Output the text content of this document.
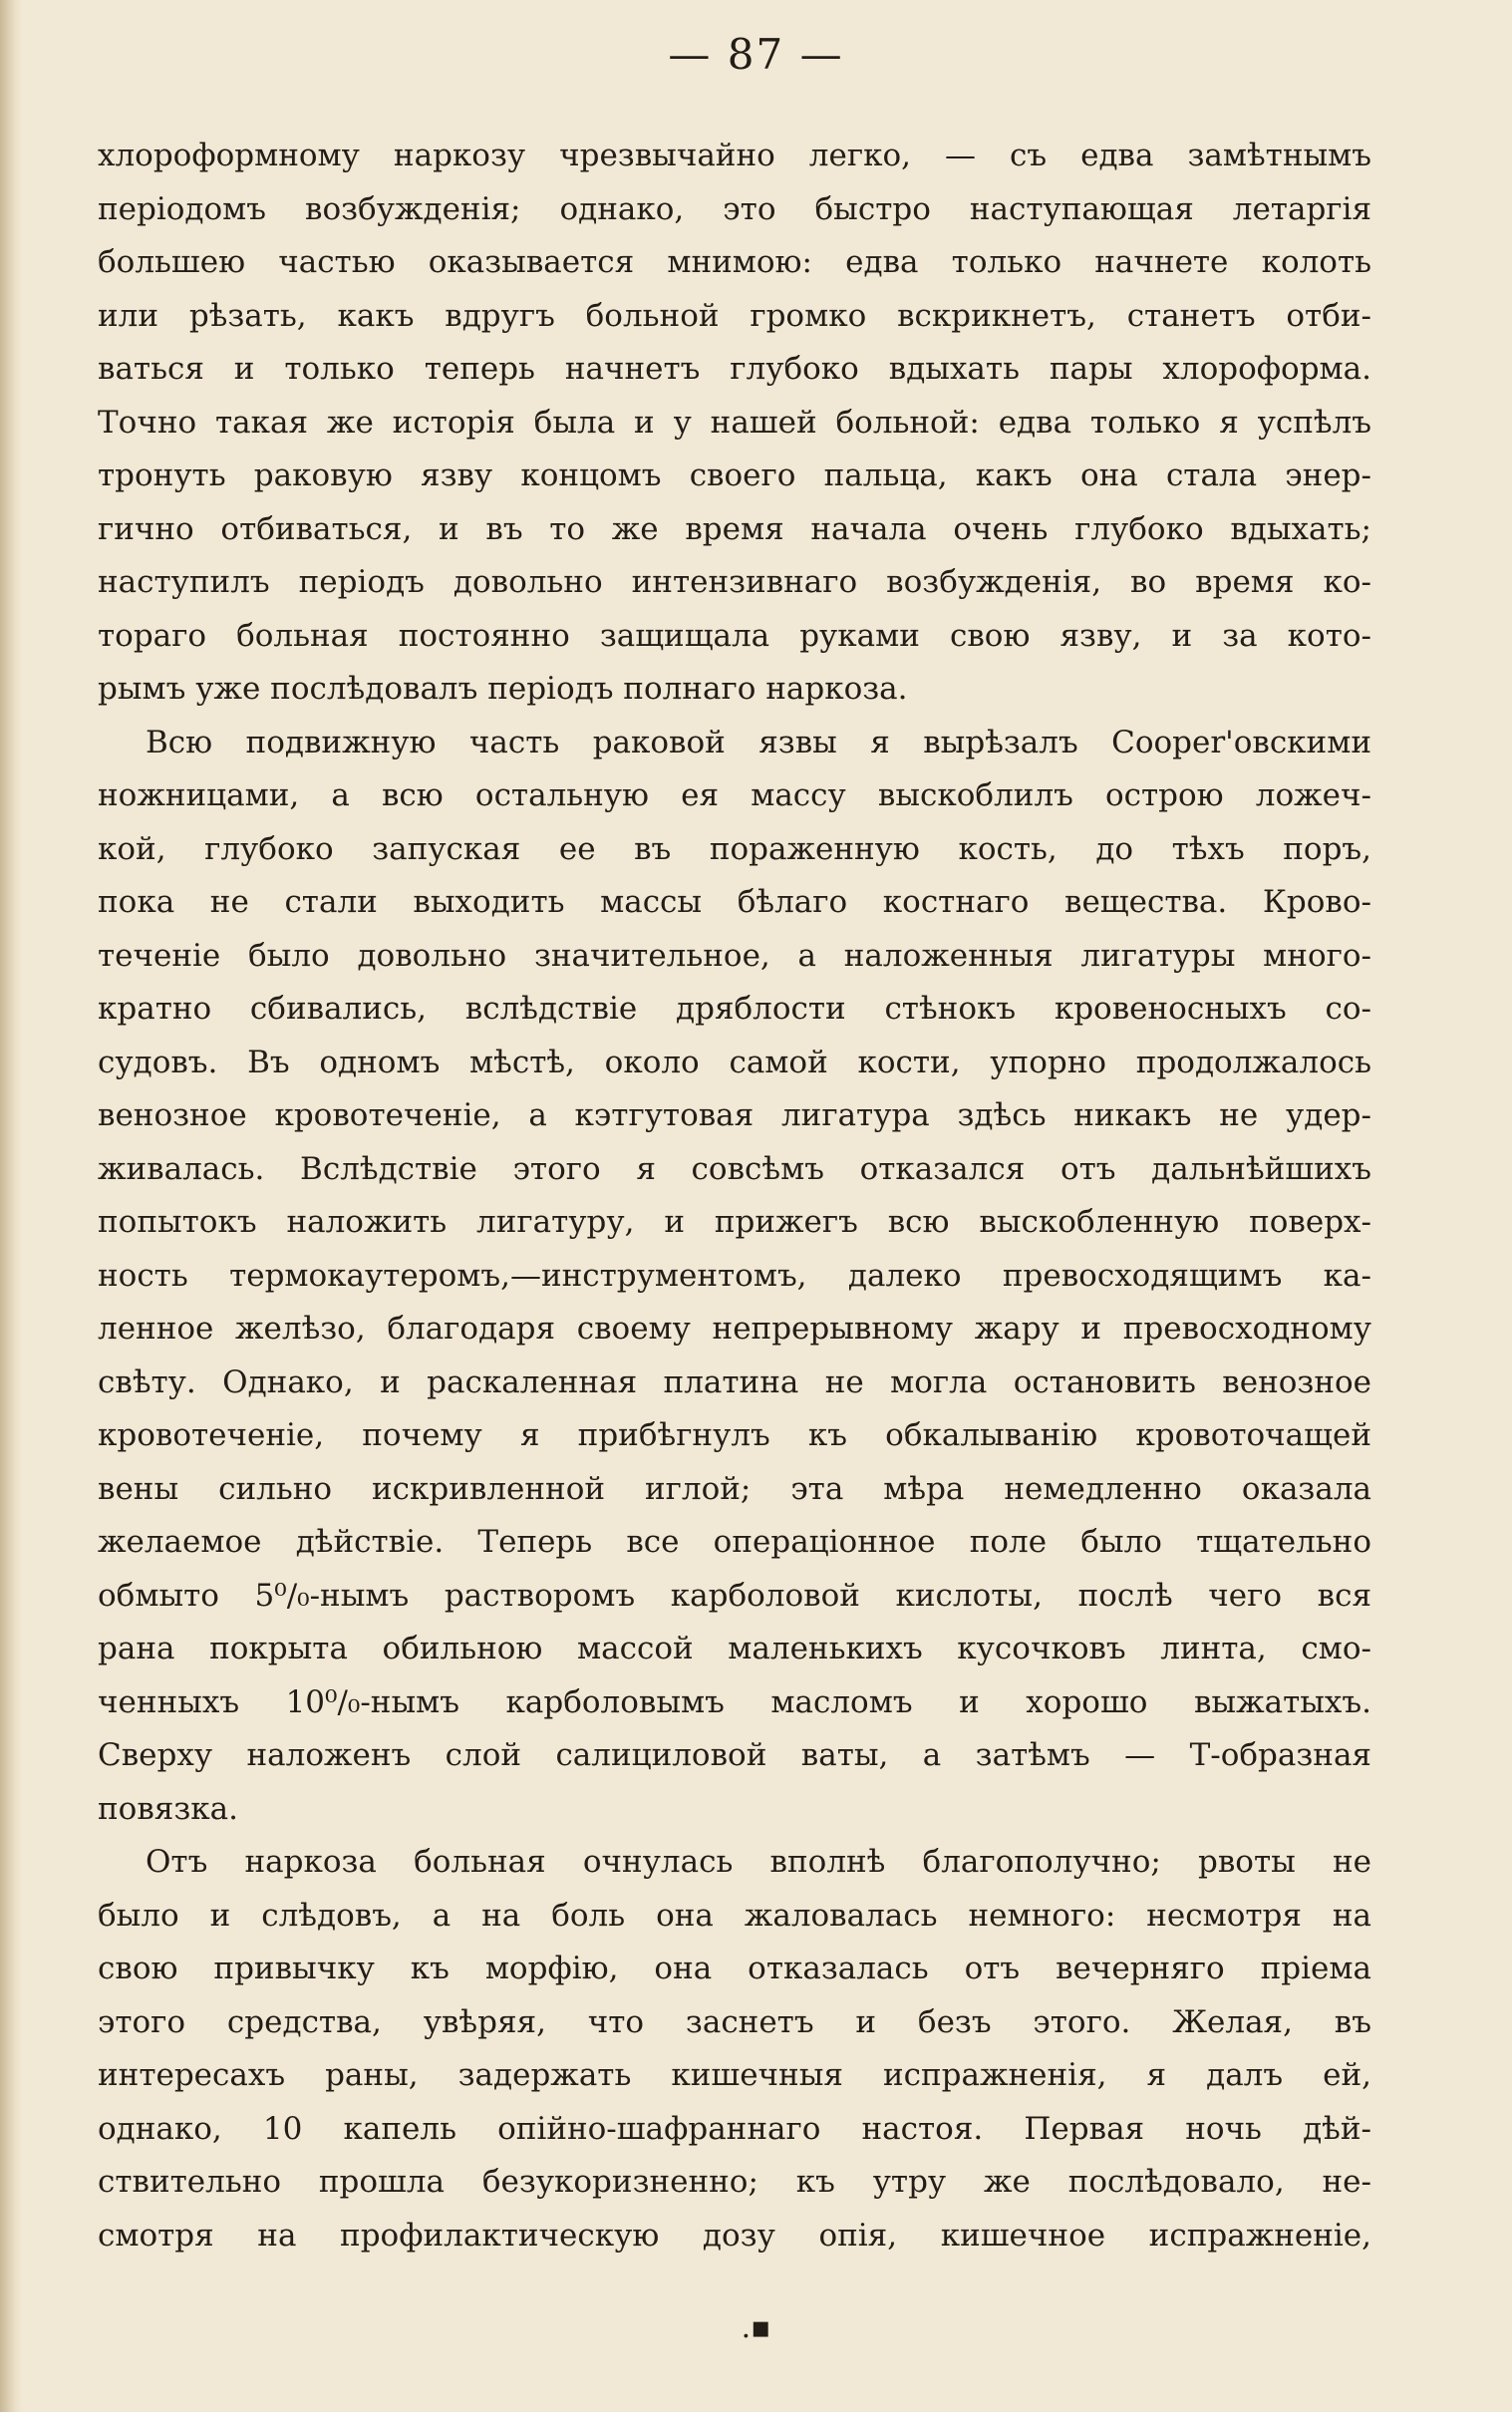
— 87 —
хлороформному наркозу чрезвычайно легко, — съ едва замѣтнымъ
періодомъ возбужденія; однако, это быстро наступающая летаргія
большею частью оказывается мнимою: едва только начнете колоть
или рѣзать, какъ вдругъ больной громко вскрикнетъ, станетъ отби-
ваться и только теперь начнетъ глубоко вдыхать пары хлороформа.
Точно такая же исторія была и у нашей больной: едва только я успѣлъ
тронуть раковую язву концомъ своего пальца, какъ она стала энер-
гично отбиваться, и въ то же время начала очень глубоко вдыхать;
наступилъ періодъ довольно интензивнаго возбужденія, во время ко-
тораго больная постоянно защищала руками свою язву, и за кото-
рымъ уже послѣдовалъ періодъ полнаго наркоза.
Всю подвижную часть раковой язвы я вырѣзалъ Cooper'овскими
ножницами, а всю остальную ея массу выскоблилъ острою ложеч-
кой, глубоко запуская ее въ пораженную кость, до тѣхъ поръ,
пока не стали выходить массы бѣлаго костнаго вещества. Крово-
теченіе было довольно значительное, а наложенныя лигатуры много-
кратно сбивались, вслѣдствіе дряблости стѣнокъ кровеносныхъ со-
судовъ. Въ одномъ мѣстѣ, около самой кости, упорно продолжалось
венозное кровотеченіе, а кэтгутовая лигатура здѣсь никакъ не удер-
живалась. Вслѣдствіе этого я совсѣмъ отказался отъ дальнѣйшихъ
попытокъ наложить лигатуру, и прижегъ всю выскобленную поверх-
ность термокаутеромъ,—инструментомъ, далеко превосходящимъ ка-
ленное желѣзо, благодаря своему непрерывному жару и превосходному
свѣту. Однако, и раскаленная платина не могла остановить венозное
кровотеченіе, почему я прибѣгнулъ къ обкалыванію кровоточащей
вены сильно искривленной иглой; эта мѣра немедленно оказала
желаемое дѣйствіе. Теперь все операціонное поле было тщательно
обмыто 5⁰/₀-нымъ растворомъ карболовой кислоты, послѣ чего вся
рана покрыта обильною массой маленькихъ кусочковъ линта, смо-
ченныхъ 10⁰/₀-нымъ карболовымъ масломъ и хорошо выжатыхъ.
Сверху наложенъ слой салициловой ваты, а затѣмъ — Т-образная
повязка.
Отъ наркоза больная очнулась вполнѣ благополучно; рвоты не
было и слѣдовъ, а на боль она жаловалась немного: несмотря на
свою привычку къ морфію, она отказалась отъ вечерняго пріема
этого средства, увѣряя, что заснетъ и безъ этого. Желая, въ
интересахъ раны, задержать кишечныя испражненія, я далъ ей,
однако, 10 капель опійно-шафраннаго настоя. Первая ночь дѣй-
ствительно прошла безукоризненно; къ утру же послѣдовало, не-
смотря на профилактическую дозу опія, кишечное испражненіе,
.▪
